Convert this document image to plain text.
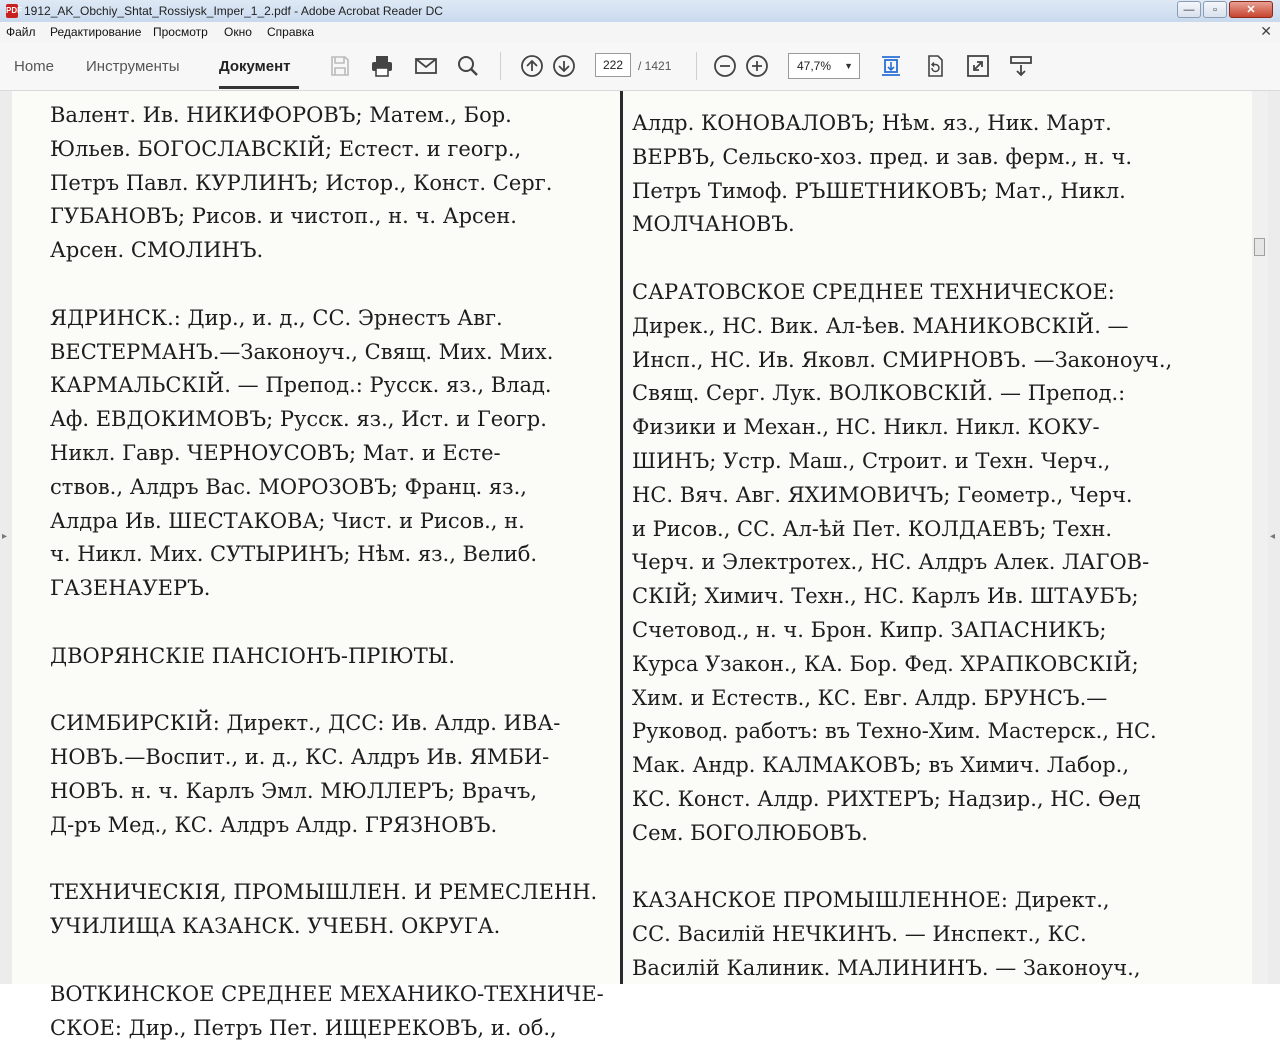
PDF 1912_AK_Obchiy_Shtat_Rossiysk_Imper_1_2.pdf - Adobe Acrobat Reader DC	—	▫	✕
Файл Редактирование Просмотр Окно Справка	✕
Home Инструменты	Документ	222	/ 1421	47,7% ▼
▸
Валент. Ив. НИКИФОРОВЪ; Матем., Бор.
Юльев. БОГОСЛАВСКІЙ; Естест. и геогр.,
Петръ Павл. КУРЛИНЪ; Истор., Конст. Серг.
ГУБАНОВЪ; Рисов. и чистоп., н. ч. Арсен.
Арсен. СМОЛИНЪ.
ЯДРИНСК.: Дир., и. д., СС. Эрнестъ Авг.
ВЕСТЕРМАНЪ.—Законоуч., Свящ. Мих. Мих.
КАРМАЛЬСКІЙ. — Препод.: Русск. яз., Влад.
Аф. ЕВДОКИМОВЪ; Русск. яз., Ист. и Геогр.
Никл. Гавр. ЧЕРНОУСОВЪ; Мат. и Есте-
ствов., Алдръ Вас. МОРОЗОВЪ; Франц. яз.,
Алдра Ив. ШЕСТАКОВА; Чист. и Рисов., н.
ч. Никл. Мих. СУТЫРИНЪ; Нѣм. яз., Велиб.
ГАЗЕНАУЕРЪ.
ДВОРЯНСКІЕ ПАНСІОНЪ-ПРІЮТЫ.
СИМБИРСКІЙ: Директ., ДСС: Ив. Алдр. ИВА-
НОВЪ.—Воспит., и. д., КС. Алдръ Ив. ЯМБИ-
НОВЪ. н. ч. Карлъ Эмл. МЮЛЛЕРЪ; Врачъ,
Д-ръ Мед., КС. Алдръ Алдр. ГРЯЗНОВЪ.
ТЕХНИЧЕСКІЯ, ПРОМЫШЛЕН. И РЕМЕСЛЕНН.
УЧИЛИЩА КАЗАНСК. УЧЕБН. ОКРУГА.
ВОТКИНСКОЕ СРЕДНЕЕ МЕХАНИКО-ТЕХНИЧЕ-
СКОЕ: Дир., Петръ Пет. ИЩЕРЕКОВЪ, и. об.,
Алдр. КОНОВАЛОВЪ; Нѣм. яз., Ник. Март.
ВЕРВЪ, Сельско-хоз. пред. и зав. ферм., н. ч.
Петръ Тимоф. РЪШЕТНИКОВЪ; Мат., Никл.
МОЛЧАНОВЪ.
САРАТОВСКОЕ СРЕДНЕЕ ТЕХНИЧЕСКОЕ:
Дирек., НС. Вик. Ал-ѣев. МАНИКОВСКІЙ. —
Инсп., НС. Ив. Яковл. СМИРНОВЪ. —Законоуч.,
Свящ. Серг. Лук. ВОЛКОВСКІЙ. — Препод.:
Физики и Механ., НС. Никл. Никл. КОКУ-
ШИНЪ; Устр. Маш., Строит. и Техн. Черч.,
НС. Вяч. Авг. ЯХИМОВИЧЪ; Геометр., Черч.
и Рисов., СС. Ал-ѣй Пет. КОЛДАЕВЪ; Техн.
Черч. и Электротех., НС. Алдръ Алек. ЛАГОВ-
СКІЙ; Химич. Техн., НС. Карлъ Ив. ШТАУБЪ;
Счетовод., н. ч. Брон. Кипр. ЗАПАСНИКЪ;
Курса Узакон., КА. Бор. Фед. ХРАПКОВСКІЙ;
Хим. и Естеств., КС. Евг. Алдр. БРУНСЪ.—
Руковод. работъ: въ Техно-Хим. Мастерск., НС.
Мак. Андр. КАЛМАКОВЪ; въ Химич. Лабор.,
КС. Конст. Алдр. РИХТЕРЪ; Надзир., НС. Ѳед
Сем. БОГОЛЮБОВЪ.
КАЗАНСКОЕ ПРОМЫШЛЕННОЕ: Директ.,
СС. Василій НЕЧКИНЪ. — Инспект., КС.
Василій Калиник. МАЛИНИНЪ. — Законоуч.,
◂
